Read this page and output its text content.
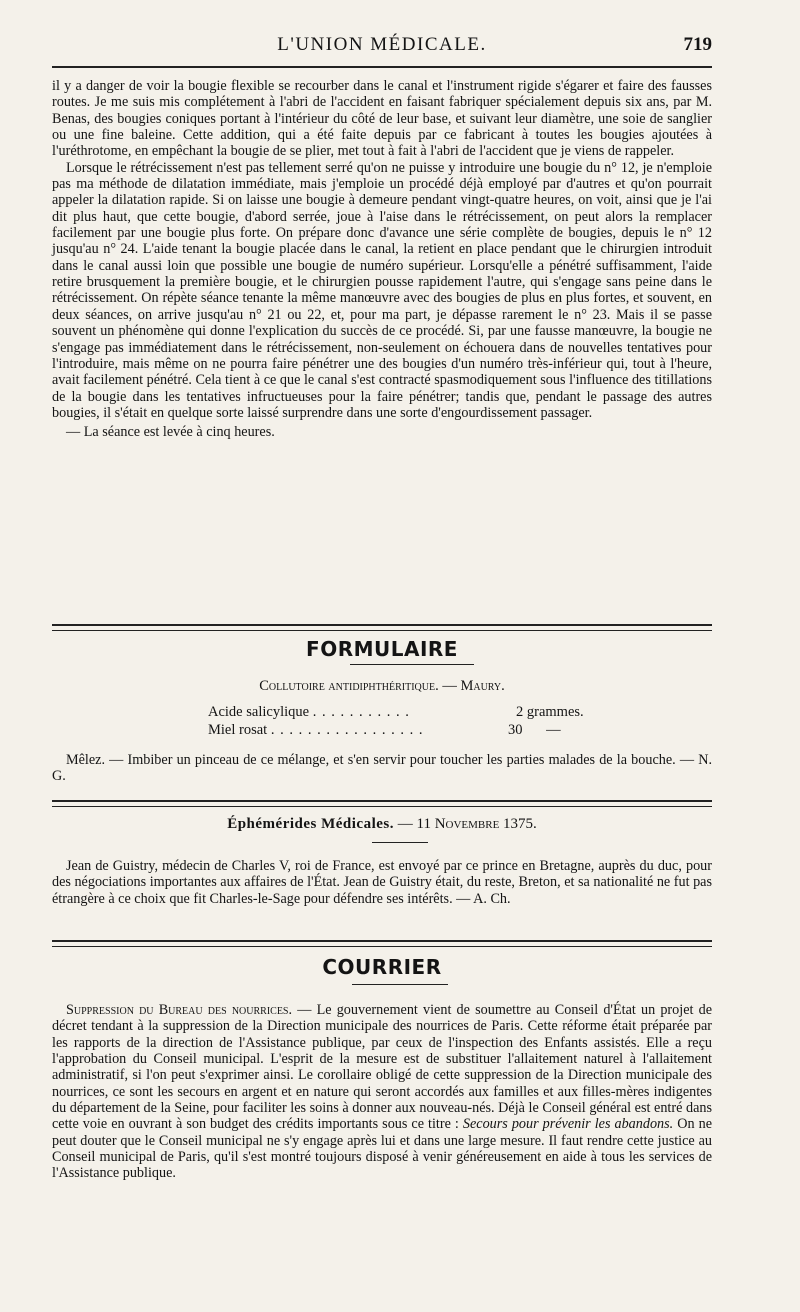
L'UNION MÉDICALE.	719

il y a danger de voir la bougie flexible se recourber dans le canal et l'instrument rigide s'égarer et faire des fausses routes. Je me suis mis complétement à l'abri de l'accident en faisant fabriquer spécialement depuis six ans, par M. Benas, des bougies coniques portant à l'intérieur du côté de leur base, et suivant leur diamètre, une soie de sanglier ou une fine baleine. Cette addition, qui a été faite depuis par ce fabricant à toutes les bougies ajoutées à l'uréthrotome, en empêchant la bougie de se plier, met tout à fait à l'abri de l'accident que je viens de rappeler.

Lorsque le rétrécissement n'est pas tellement serré qu'on ne puisse y introduire une bougie du n° 12, je n'emploie pas ma méthode de dilatation immédiate, mais j'emploie un procédé déjà employé par d'autres et qu'on pourrait appeler la dilatation rapide. Si on laisse une bougie à demeure pendant vingt-quatre heures, on voit, ainsi que je l'ai dit plus haut, que cette bougie, d'abord serrée, joue à l'aise dans le rétrécissement, on peut alors la remplacer facilement par une bougie plus forte. On prépare donc d'avance une série complète de bougies, depuis le n° 12 jusqu'au n° 24. L'aide tenant la bougie placée dans le canal, la retient en place pendant que le chirurgien introduit dans le canal aussi loin que possible une bougie de numéro supérieur. Lorsqu'elle a pénétré suffisamment, l'aide retire brusquement la première bougie, et le chirurgien pousse rapidement l'autre, qui s'engage sans peine dans le rétrécissement. On répète séance tenante la même manœuvre avec des bougies de plus en plus fortes, et souvent, en deux séances, on arrive jusqu'au n° 21 ou 22, et, pour ma part, je dépasse rarement le n° 23. Mais il se passe souvent un phénomène qui donne l'explication du succès de ce procédé. Si, par une fausse manœuvre, la bougie ne s'engage pas immédiatement dans le rétrécissement, non-seulement on échouera dans de nouvelles tentatives pour l'introduire, mais même on ne pourra faire pénétrer une des bougies d'un numéro très-inférieur qui, tout à l'heure, avait facilement pénétré. Cela tient à ce que le canal s'est contracté spasmodiquement sous l'influence des titillations de la bougie dans les tentatives infructueuses pour la faire pénétrer; tandis que, pendant le passage des autres bougies, il s'était en quelque sorte laissé surprendre dans une sorte d'engourdissement passager.

— La séance est levée à cinq heures.

FORMULAIRE
Collutoire antidiphthéritique. — Maury.
Acide salicylique . . . . . . . . . . .	2 grammes.
Miel rosat . . . . . . . . . . . . . . . . .	30 —

Mêlez. — Imbiber un pinceau de ce mélange, et s'en servir pour toucher les parties malades de la bouche. — N. G.

Éphémérides Médicales. — 11 Novembre 1375.

Jean de Guistry, médecin de Charles V, roi de France, est envoyé par ce prince en Bretagne, auprès du duc, pour des négociations importantes aux affaires de l'État. Jean de Guistry était, du reste, Breton, et sa nationalité ne fut pas étrangère à ce choix que fit Charles-le-Sage pour défendre ses intérêts. — A. Ch.

COURRIER

Suppression du Bureau des nourrices. — Le gouvernement vient de soumettre au Conseil d'État un projet de décret tendant à la suppression de la Direction municipale des nourrices de Paris. Cette réforme était préparée par les rapports de la direction de l'Assistance publique, par ceux de l'inspection des Enfants assistés. Elle a reçu l'approbation du Conseil municipal. L'esprit de la mesure est de substituer l'allaitement naturel à l'allaitement administratif, si l'on peut s'exprimer ainsi. Le corollaire obligé de cette suppression de la Direction municipale des nourrices, ce sont les secours en argent et en nature qui seront accordés aux familles et aux filles-mères indigentes du département de la Seine, pour faciliter les soins à donner aux nouveau-nés. Déjà le Conseil général est entré dans cette voie en ouvrant à son budget des crédits importants sous ce titre : Secours pour prévenir les abandons. On ne peut douter que le Conseil municipal ne s'y engage après lui et dans une large mesure. Il faut rendre cette justice au Conseil municipal de Paris, qu'il s'est montré toujours disposé à venir généreusement en aide à tous les services de l'Assistance publique.
